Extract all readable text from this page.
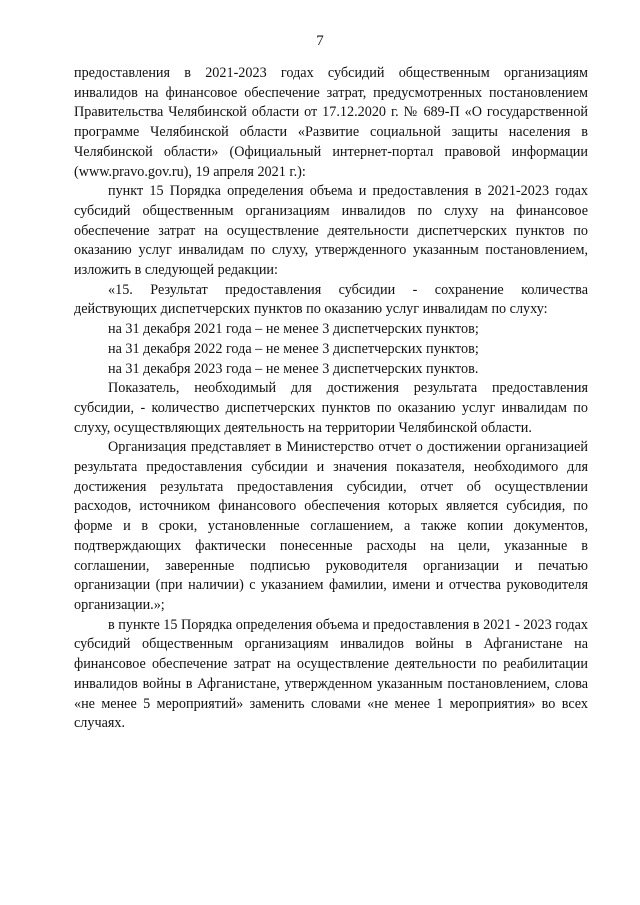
7

предоставления в 2021-2023 годах субсидий общественным организациям инвалидов на финансовое обеспечение затрат, предусмотренных постановлением Правительства Челябинской области от 17.12.2020 г. № 689-П «О государственной программе Челябинской области «Развитие социальной защиты населения в Челябинской области» (Официальный интернет-портал правовой информации (www.pravo.gov.ru), 19 апреля 2021 г.):

пункт 15 Порядка определения объема и предоставления в 2021-2023 годах субсидий общественным организациям инвалидов по слуху на финансовое обеспечение затрат на осуществление деятельности диспетчерских пунктов по оказанию услуг инвалидам по слуху, утвержденного указанным постановлением, изложить в следующей редакции:

«15. Результат предоставления субсидии - сохранение количества действующих диспетчерских пунктов по оказанию услуг инвалидам по слуху:

на 31 декабря 2021 года – не менее 3 диспетчерских пунктов;

на 31 декабря 2022 года – не менее 3 диспетчерских пунктов;

на 31 декабря 2023 года – не менее 3 диспетчерских пунктов.

Показатель, необходимый для достижения результата предоставления субсидии, - количество диспетчерских пунктов по оказанию услуг инвалидам по слуху, осуществляющих деятельность на территории Челябинской области.

Организация представляет в Министерство отчет о достижении организацией результата предоставления субсидии и значения показателя, необходимого для достижения результата предоставления субсидии, отчет об осуществлении расходов, источником финансового обеспечения которых является субсидия, по форме и в сроки, установленные соглашением, а также копии документов, подтверждающих фактически понесенные расходы на цели, указанные в соглашении, заверенные подписью руководителя организации и печатью организации (при наличии) с указанием фамилии, имени и отчества руководителя организации.»;

в пункте 15 Порядка определения объема и предоставления в 2021 - 2023 годах субсидий общественным организациям инвалидов войны в Афганистане на финансовое обеспечение затрат на осуществление деятельности по реабилитации инвалидов войны в Афганистане, утвержденном указанным постановлением, слова «не менее 5 мероприятий» заменить словами «не менее 1 мероприятия» во всех случаях.
